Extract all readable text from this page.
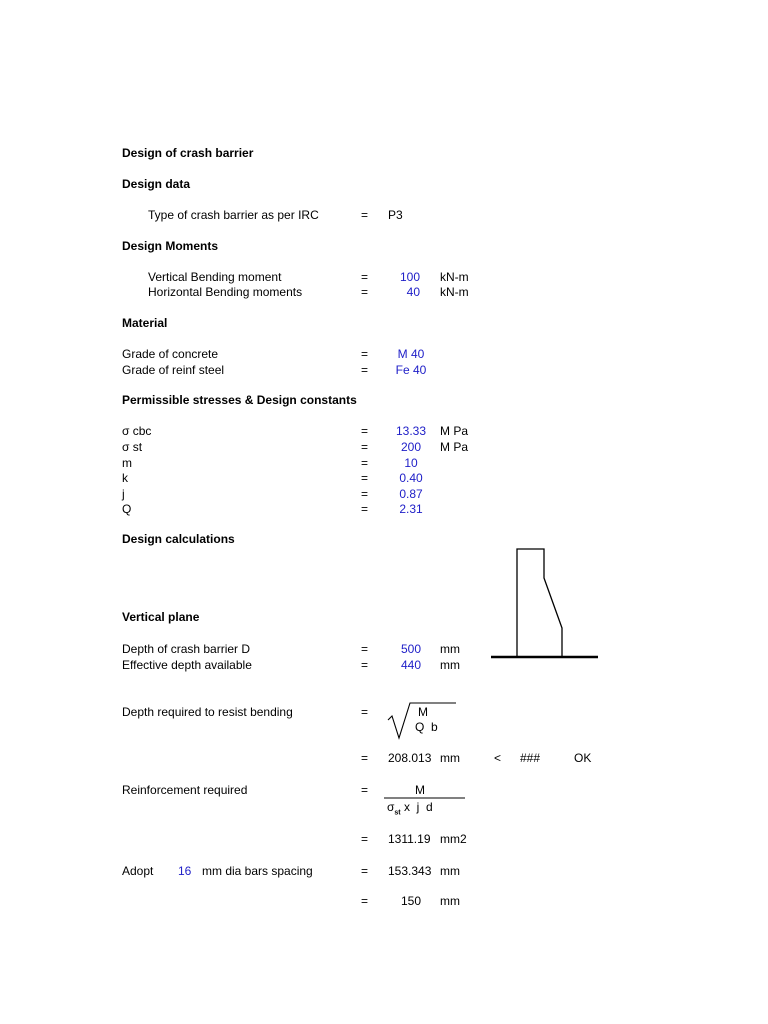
Design of crash barrier
Design data
Type of crash barrier as per IRC	= P3
Design Moments
Vertical Bending moment	=	100 kN-m
Horizontal Bending moments	=	40 kN-m
Material
Grade of concrete	=	M 40
Grade of reinf steel	=	Fe 40
Permissible stresses & Design constants
σ cbc	=	13.33	M Pa
σ st	=	200	M Pa
m	=	10
k	=	0.40
j	=	0.87
Q	=	2.31
Design calculations
Vertical plane
Depth of crash barrier D	=	500	mm
Effective depth available	=	440	mm
Depth required to resist bending	=	M
Q  b
= 208.013 mm	< ###	OK
Reinforcement required	=	M
$\sigma_{st}$ x  j  d
= 1311.19 mm2
Adopt 16 mm dia bars spacing	= 153.343 mm
=	150	mm
